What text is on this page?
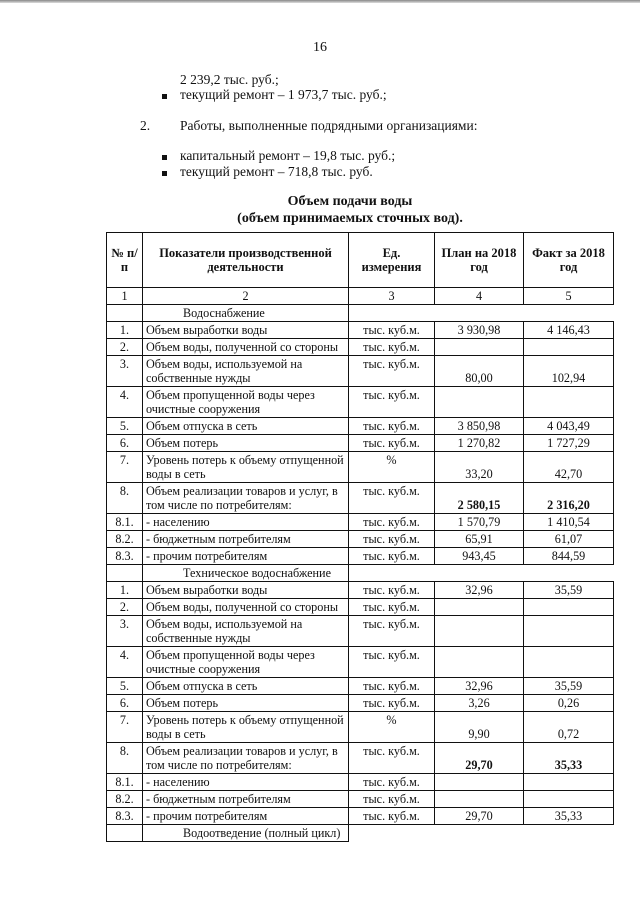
16
2 239,2 тыс. руб.;
текущий ремонт – 1 973,7 тыс. руб.;
2. Работы, выполненные подрядными организациями:
капитальный ремонт – 19,8 тыс. руб.;
текущий ремонт – 718,8 тыс. руб.
Объем подачи воды
(объем принимаемых сточных вод).
№ п/п	Показатели производственной деятельности	Ед. измерения	План на 2018 год	Факт за 2018 год
1	2	3	4	5
	Водоснабжение			
1.	Объем выработки воды	тыс. куб.м.	3 930,98	4 146,43
2.	Объем воды, полученной со стороны	тыс. куб.м.		
3.	Объем воды, используемой на собственные нужды	тыс. куб.м.	80,00	102,94
4.	Объем пропущенной воды через очистные сооружения	тыс. куб.м.		
5.	Объем отпуска в сеть	тыс. куб.м.	3 850,98	4 043,49
6.	Объем потерь	тыс. куб.м.	1 270,82	1 727,29
7.	Уровень потерь к объему отпущенной воды в сеть	%	33,20	42,70
8.	Объем реализации товаров и услуг, в том числе по потребителям:	тыс. куб.м.	2 580,15	2 316,20
8.1.	- населению	тыс. куб.м.	1 570,79	1 410,54
8.2.	- бюджетным потребителям	тыс. куб.м.	65,91	61,07
8.3.	- прочим потребителям	тыс. куб.м.	943,45	844,59
	Техническое водоснабжение			
1.	Объем выработки воды	тыс. куб.м.	32,96	35,59
2.	Объем воды, полученной со стороны	тыс. куб.м.		
3.	Объем воды, используемой на собственные нужды	тыс. куб.м.		
4.	Объем пропущенной воды через очистные сооружения	тыс. куб.м.		
5.	Объем отпуска в сеть	тыс. куб.м.	32,96	35,59
6.	Объем потерь	тыс. куб.м.	3,26	0,26
7.	Уровень потерь к объему отпущенной воды в сеть	%	9,90	0,72
8.	Объем реализации товаров и услуг, в том числе по потребителям:	тыс. куб.м.	29,70	35,33
8.1.	- населению	тыс. куб.м.		
8.2.	- бюджетным потребителям	тыс. куб.м.		
8.3.	- прочим потребителям	тыс. куб.м.	29,70	35,33
	Водоотведение (полный цикл)			
